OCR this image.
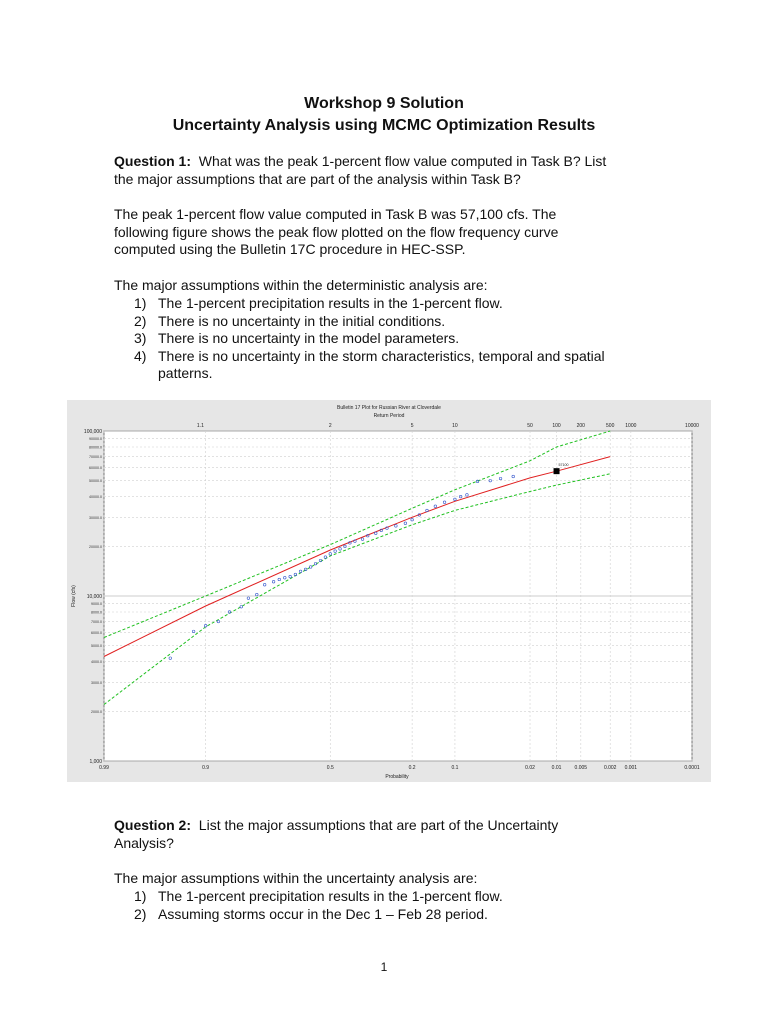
Workshop 9 Solution
Uncertainty Analysis using MCMC Optimization Results
Question 1: What was the peak 1-percent flow value computed in Task B? List
the major assumptions that are part of the analysis within Task B?
The peak 1-percent flow value computed in Task B was 57,100 cfs. The
following figure shows the peak flow plotted on the flow frequency curve
computed using the Bulletin 17C procedure in HEC-SSP.
The major assumptions within the deterministic analysis are:
1) The 1-percent precipitation results in the 1-percent flow.
2) There is no uncertainty in the initial conditions.
3) There is no uncertainty in the model parameters.
4) There is no uncertainty in the storm characteristics, temporal and spatial
patterns.
90000.0
80000.0
70000.0
60000.0
50000.0
40000.0
30000.0
20000.0
9000.0
8000.0
7000.0
6000.0
5000.0
4000.0
3000.0
2000.0
100,000
10,000
1,000
0.99	0.9	0.5	0.2	0.1	0.02	0.01	0.005	0.002 0.001	0.0001
1.1	2	5	10	50	100	200	500 1000	10000
Bulletin 17 Plot for Russian River at Cloverdale
Return Period
Probability
Flow (cfs)
57100
Question 2: List the major assumptions that are part of the Uncertainty
Analysis?
The major assumptions within the uncertainty analysis are:
1) The 1-percent precipitation results in the 1-percent flow.
2) Assuming storms occur in the Dec 1 – Feb 28 period.
1
